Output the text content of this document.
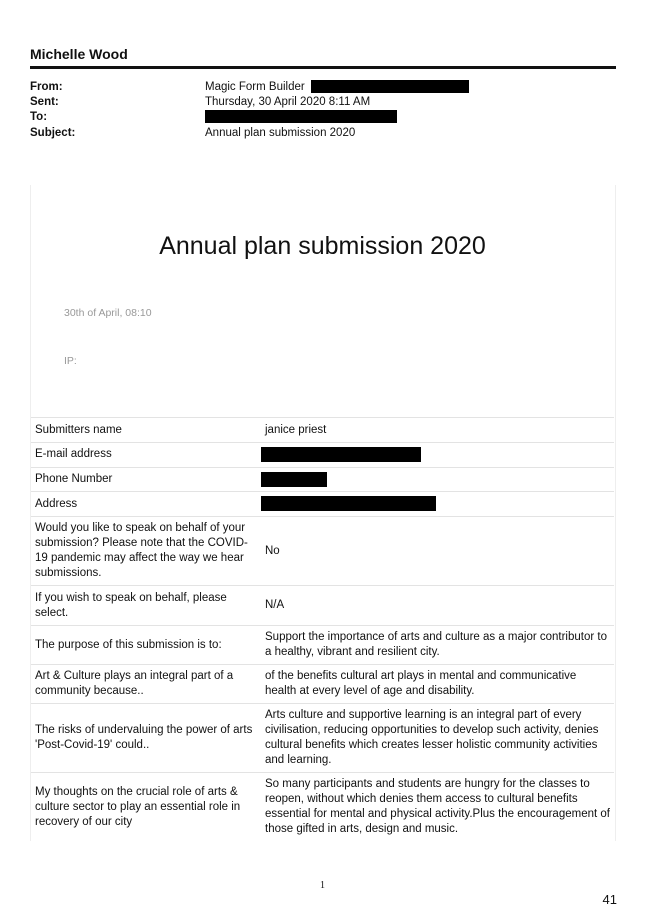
Michelle Wood
From:	Magic Form Builder
Sent:	Thursday, 30 April 2020 8:11 AM
To:
Subject:	Annual plan submission 2020
Annual plan submission 2020
30th of April, 08:10
IP:
Submitters name	janice priest
E-mail address	
Phone Number	
Address	
Would you like to speak on behalf of your submission? Please note that the COVID-19 pandemic may affect the way we hear submissions.	No
If you wish to speak on behalf, please select.	N/A
The purpose of this submission is to:	Support the importance of arts and culture as a major contributor to a healthy, vibrant and resilient city.
Art & Culture plays an integral part of a community because..	of the benefits cultural art plays in mental and communicative health at every level of age and disability.
The risks of undervaluing the power of arts 'Post-Covid-19' could..	Arts culture and supportive learning is an integral part of every civilisation, reducing opportunities to develop such activity, denies cultural benefits which creates lesser holistic community activities and learning.
My thoughts on the crucial role of arts & culture sector to play an essential role in recovery of our city	So many participants and students are hungry for the classes to reopen, without which denies them access to cultural benefits essential for mental and physical activity.Plus the encouragement of those gifted in arts, design and music.
1
41
